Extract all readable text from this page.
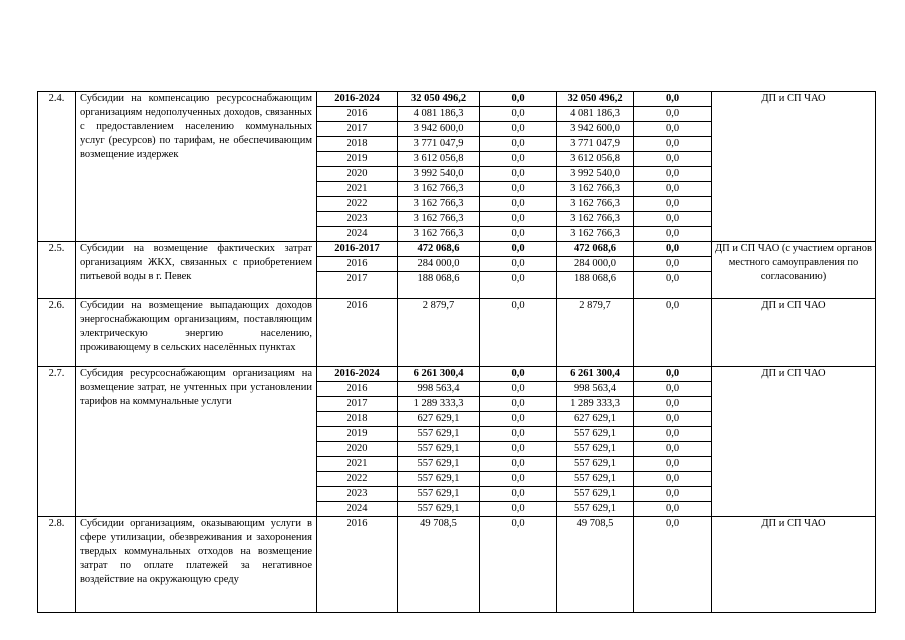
2.4.	Субсидии на компенсацию ресурсоснабжающим организациям недополученных доходов, связанных с предоставлением населению коммунальных услуг (ресурсов) по тарифам, не обеспечивающим возмещение издержек	2016-2024	32 050 496,2	0,0	32 050 496,2	0,0	ДП и СП ЧАО
		2016	4 081 186,3	0,0	4 081 186,3	0,0	
		2017	3 942 600,0	0,0	3 942 600,0	0,0	
		2018	3 771 047,9	0,0	3 771 047,9	0,0	
		2019	3 612 056,8	0,0	3 612 056,8	0,0	
		2020	3 992 540,0	0,0	3 992 540,0	0,0	
		2021	3 162 766,3	0,0	3 162 766,3	0,0	
		2022	3 162 766,3	0,0	3 162 766,3	0,0	
		2023	3 162 766,3	0,0	3 162 766,3	0,0	
		2024	3 162 766,3	0,0	3 162 766,3	0,0	
2.5.	Субсидии на возмещение фактических затрат организациям ЖКХ, связанных с приобретением питьевой воды в г. Певек	2016-2017	472 068,6	0,0	472 068,6	0,0	ДП и СП ЧАО (с участием органов местного самоуправления по согласованию)
		2016	284 000,0	0,0	284 000,0	0,0	
		2017	188 068,6	0,0	188 068,6	0,0	
2.6.	Субсидии на возмещение выпадающих доходов энергоснабжающим организациям, поставляющим электрическую энергию населению, проживающему в сельских населённых пунктах	2016	2 879,7	0,0	2 879,7	0,0	ДП и СП ЧАО
2.7.	Субсидия ресурсоснабжающим организациям на возмещение затрат, не учтенных при установлении тарифов на коммунальные услуги	2016-2024	6 261 300,4	0,0	6 261 300,4	0,0	ДП и СП ЧАО
		2016	998 563,4	0,0	998 563,4	0,0	
		2017	1 289 333,3	0,0	1 289 333,3	0,0	
		2018	627 629,1	0,0	627 629,1	0,0	
		2019	557 629,1	0,0	557 629,1	0,0	
		2020	557 629,1	0,0	557 629,1	0,0	
		2021	557 629,1	0,0	557 629,1	0,0	
		2022	557 629,1	0,0	557 629,1	0,0	
		2023	557 629,1	0,0	557 629,1	0,0	
		2024	557 629,1	0,0	557 629,1	0,0	
2.8.	Субсидии организациям, оказывающим услуги в сфере утилизации, обезвреживания и захоронения твердых коммунальных отходов на возмещение затрат по оплате платежей за негативное воздействие на окружающую среду	2016	49 708,5	0,0	49 708,5	0,0	ДП и СП ЧАО
